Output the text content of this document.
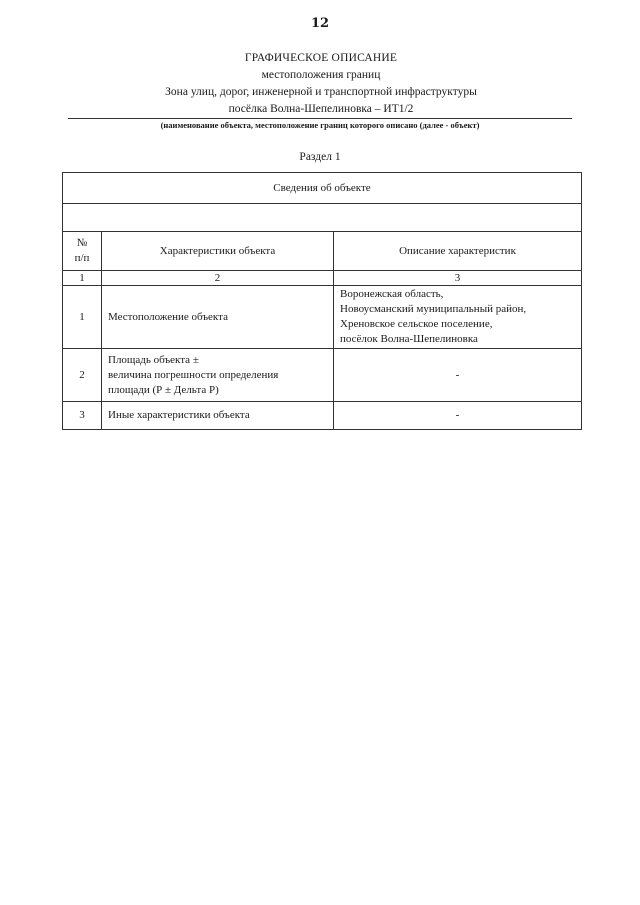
12
ГРАФИЧЕСКОЕ ОПИСАНИЕ
местоположения границ
Зона улиц, дорог, инженерной и транспортной инфраструктуры
посёлка Волна-Шепелиновка – ИТ1/2
(наименование объекта, местоположение границ которого описано (далее - объект)
Раздел 1
Сведения об объекте		

№
п/п	Характеристики объекта	Описание характеристик
1	2	3
1	Местоположение объекта	Воронежская область,
Новоусманский муниципальный район,
Хреновское сельское поселение,
посёлок Волна-Шепелиновка

2	Площадь объекта ±
величина погрешности определения
площади (Р ± Дельта Р)	-
3	Иные характеристики объекта	-
